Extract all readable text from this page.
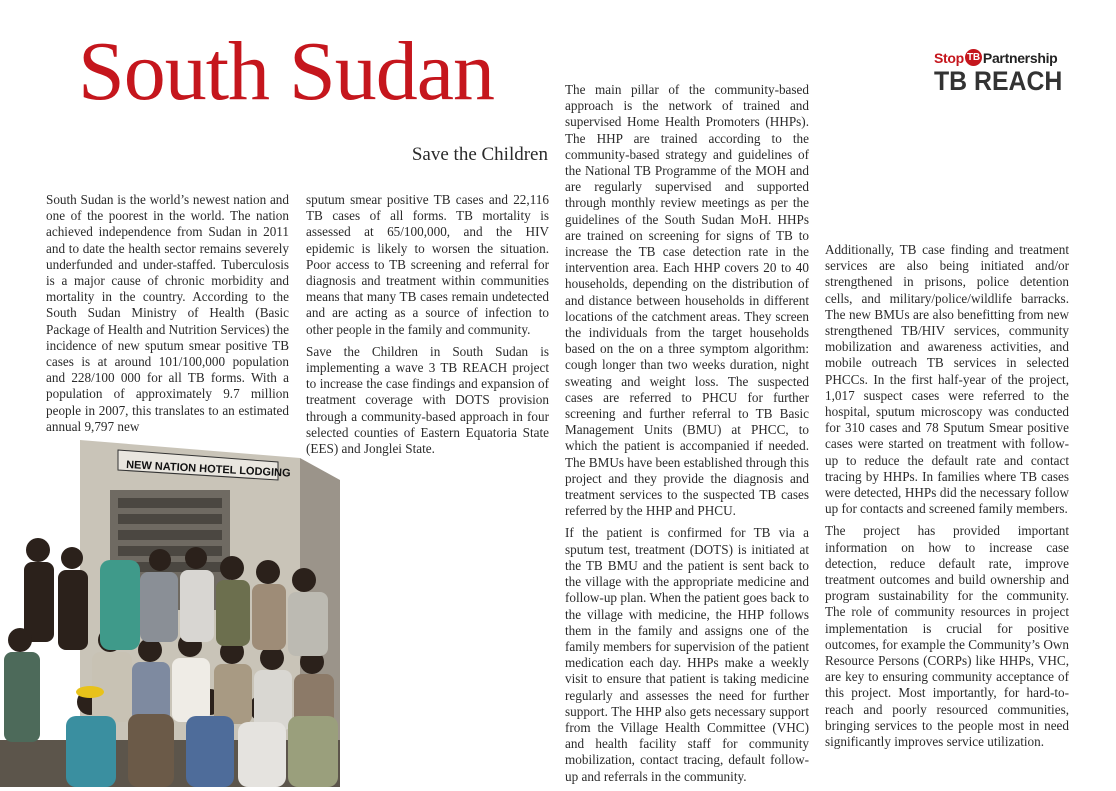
South Sudan
Save the Children
Stop TB Partnership
TB REACH

South Sudan is the world’s newest nation and one of the poorest in the world. The nation achieved independence from Sudan in 2011 and to date the health sector remains severely underfunded and under-staffed. Tuberculosis is a major cause of chronic morbidity and mortality in the country. According to the South Sudan Ministry of Health (Basic Package of Health and Nutrition Services) the incidence of new sputum smear positive TB cases is at around 101/100,000 population and 228/100 000 for all TB forms. With a population of approximately 9.7 million people in 2007, this translates to an estimated annual 9,797 new

sputum smear positive TB cases and 22,116 TB cases of all forms. TB mortality is assessed at 65/100,000, and the HIV epidemic is likely to worsen the situation. Poor access to TB screening and referral for diagnosis and treatment within communities means that many TB cases remain undetected and are acting as a source of infection to other people in the family and community.

Save the Children in South Sudan is implementing a wave 3 TB REACH project to increase the case findings and expansion of treatment coverage with DOTS provision through a community-based approach in four selected counties of Eastern Equatoria State (EES) and Jonglei State.

The main pillar of the community-based approach is the network of trained and supervised Home Health Promoters (HHPs). The HHP are trained according to the community-based strategy and guidelines of the National TB Programme of the MOH and are regularly supervised and supported through monthly review meetings as per the guidelines of the South Sudan MoH. HHPs are trained on screening for signs of TB to increase the TB case detection rate in the intervention area. Each HHP covers 20 to 40 households, depending on the distribution of and distance between households in different locations of the catchment areas. They screen the individuals from the target households based on the on a three symptom algorithm: cough longer than two weeks duration, night sweating and weight loss. The suspected cases are referred to PHCU for further screening and further referral to TB Basic Management Units (BMU) at PHCC, to which the patient is accompanied if needed. The BMUs have been established through this project and they provide the diagnosis and treatment services to the suspected TB cases referred by the HHP and PHCU.

If the patient is confirmed for TB via a sputum test, treatment (DOTS) is initiated at the TB BMU and the patient is sent back to the village with the appropriate medicine and follow-up plan. When the patient goes back to the village with medicine, the HHP follows them in the family and assigns one of the family members for supervision of the patient medication each day. HHPs make a weekly visit to ensure that patient is taking medicine regularly and assesses the need for further support. The HHP also gets necessary support from the Village Health Committee (VHC) and health facility staff for community mobilization, contact tracing, default follow-up and referrals in the community.

Additionally, TB case finding and treatment services are also being initiated and/or strengthened in prisons, police detention cells, and military/police/wildlife barracks. The new BMUs are also benefitting from new strengthened TB/HIV services, community mobilization and awareness activities, and mobile outreach TB services in selected PHCCs. In the first half-year of the project, 1,017 suspect cases were referred to the hospital, sputum microscopy was conducted for 310 cases and 78 Sputum Smear positive cases were started on treatment with follow-up to reduce the default rate and contact tracing by HHPs. In families where TB cases were detected, HHPs did the necessary follow up for contacts and screened family members.

The project has provided important information on how to increase case detection, reduce default rate, improve treatment outcomes and build ownership and program sustainability for the community. The role of community resources in project implementation is crucial for positive outcomes, for example the Community’s Own Resource Persons (CORPs) like HHPs, VHC, are key to ensuring community acceptance of this project. Most importantly, for hard-to-reach and poorly resourced communities, bringing services to the people most in need significantly improves service utilization.

NEW NATION HOTEL LODGING
